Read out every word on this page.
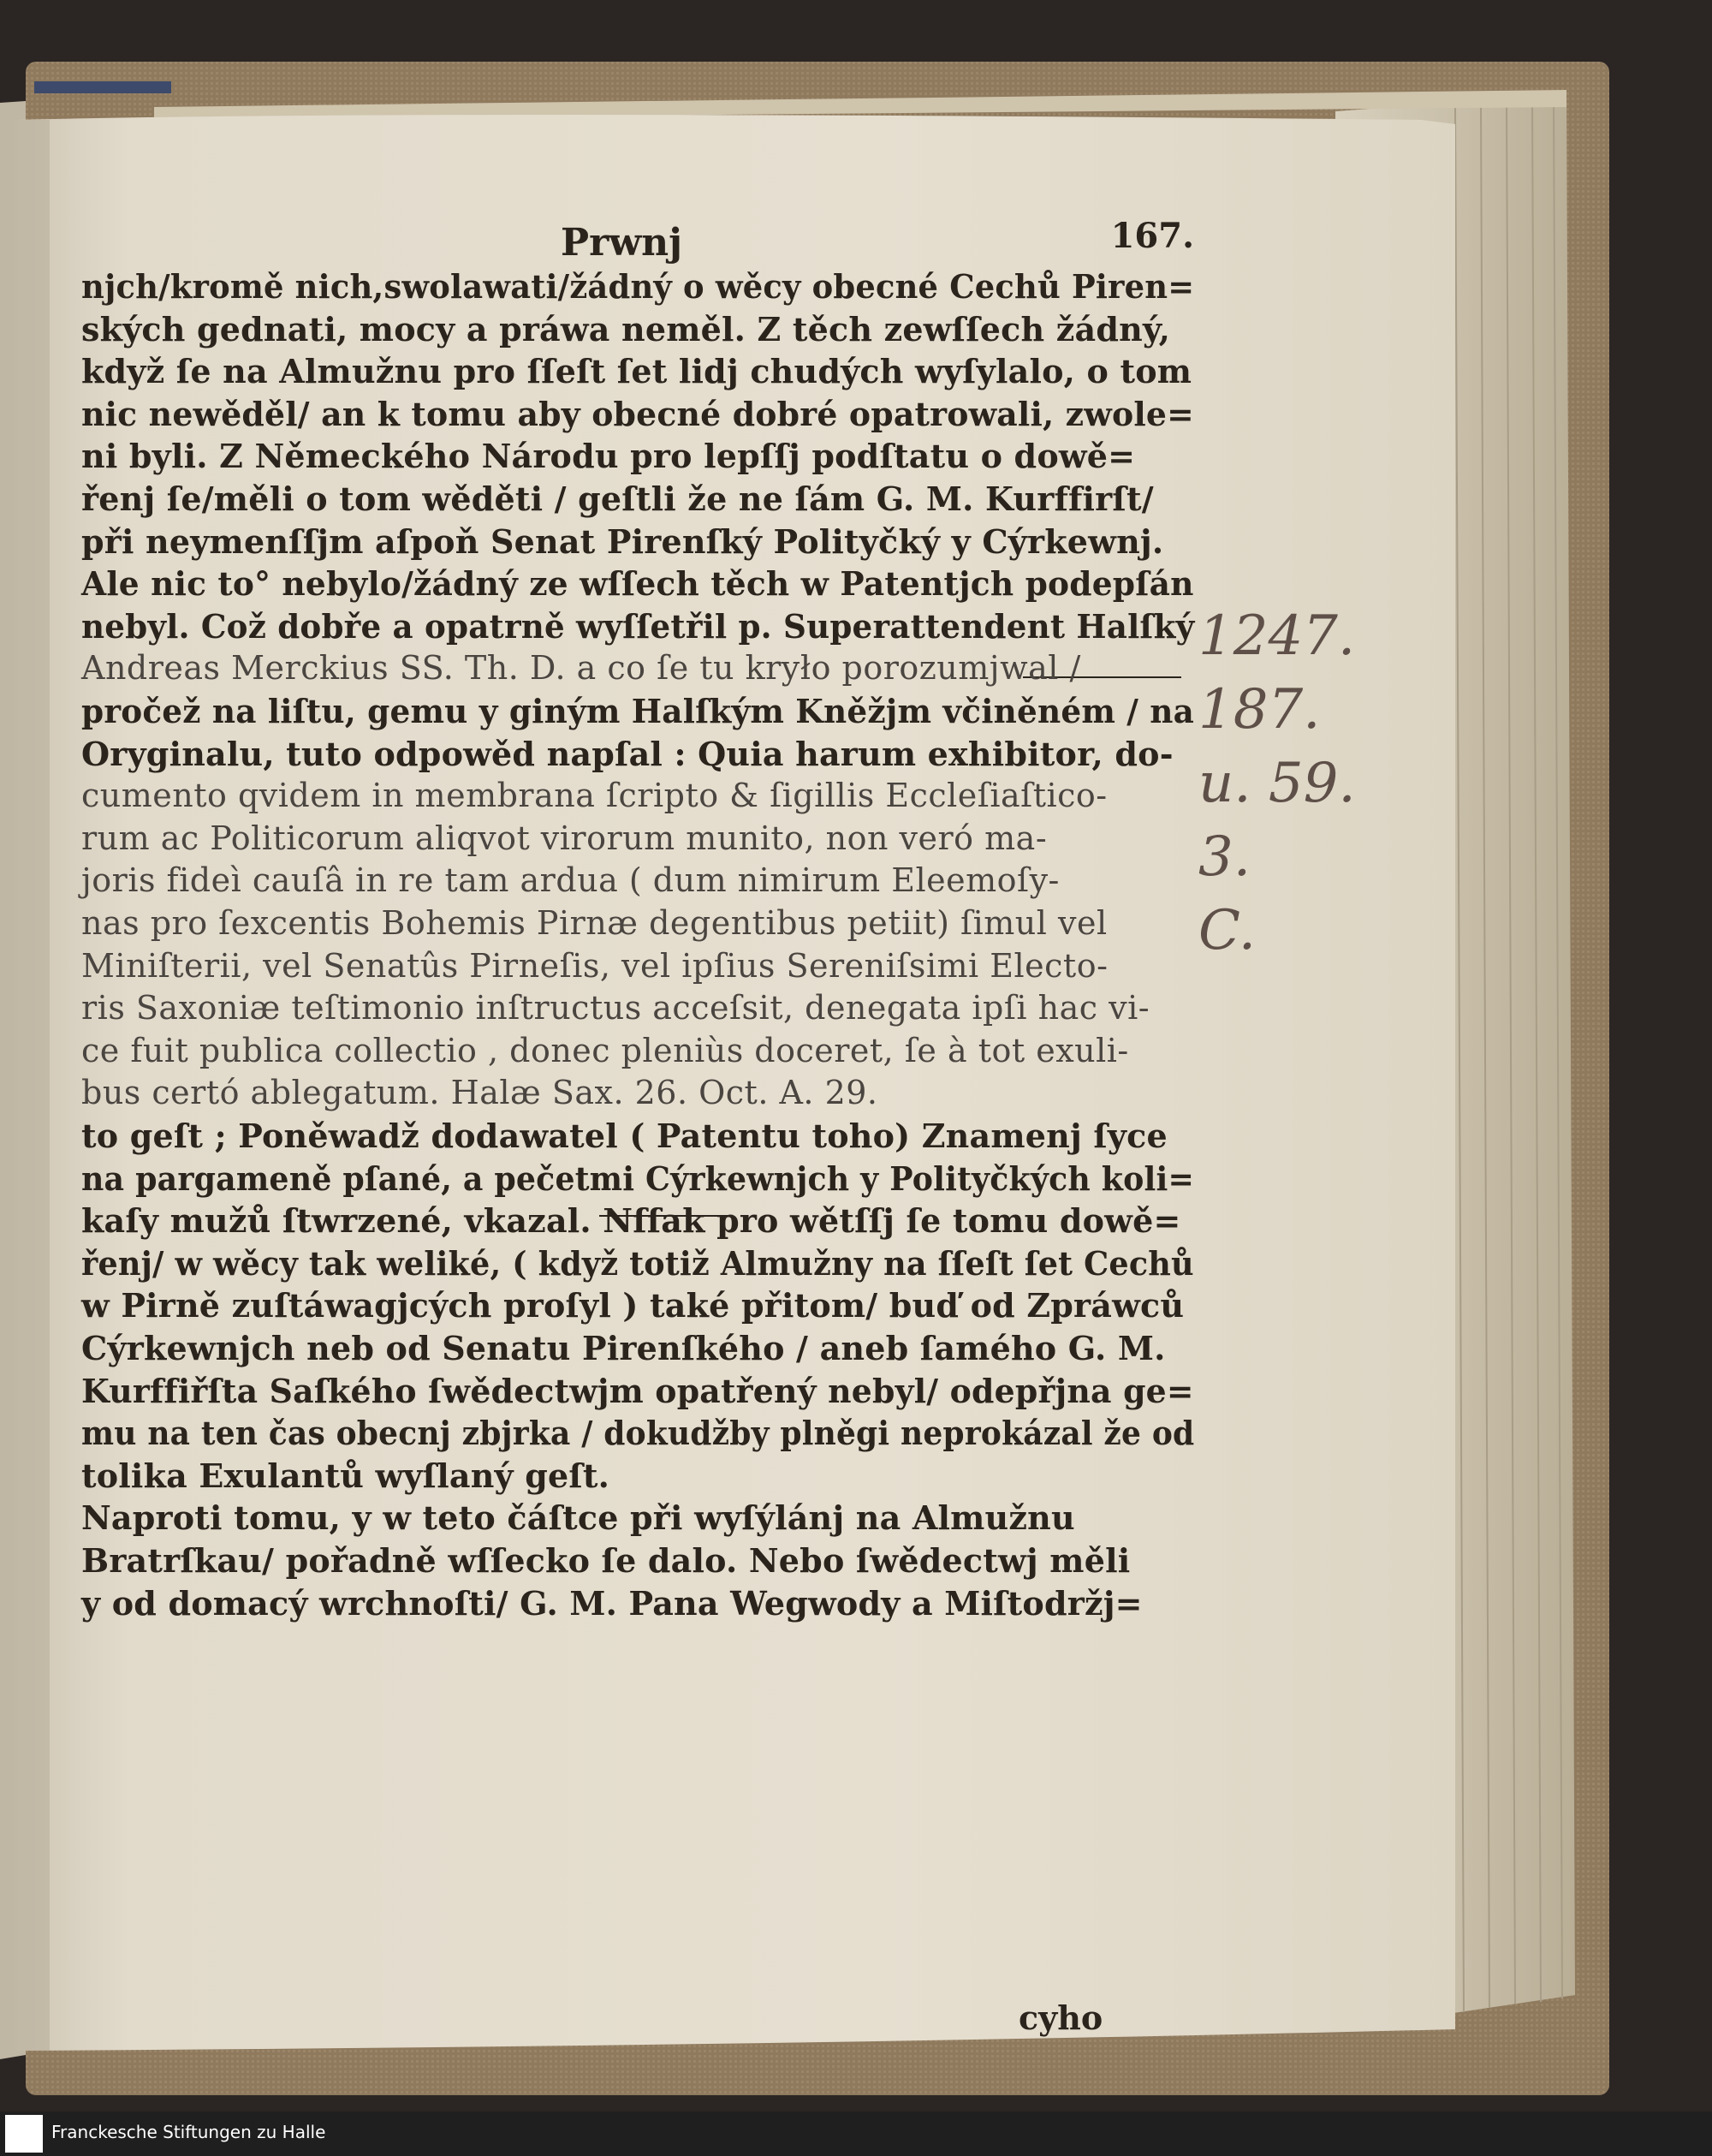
Prwnj	167.
njch/kromě nich,swolawati/žádný o wěcy obecné Cechů Piren=
ských gednati, mocy a práwa neměl. Z těch zewſſech žádný,
když ſe na Almužnu pro ſſeſt ſet lidj chudých wyſylalo, o tom
nic newěděl/ an k tomu aby obecné dobré opatrowali, zwole=
ni byli. Z Německého Národu pro lepſſj podſtatu o dowě=
řenj ſe/měli o tom wěděti / geſtli že ne ſám G. M. Kurffirſt/
při neymenſſjm aſpoň Senat Pirenſký Polityčký y Cýrkewnj.
Ale nic to° nebylo/žádný ze wſſech těch w Patentjch podepſán
nebyl. Což dobře a opatrně wyſſetřil p. Superattendent Halſký
Andreas Merckius SS. Th. D. a co ſe tu kryło porozumjwal /
pročež na liſtu, gemu y giným Halſkým Kněžjm včiněném / na
Oryginalu, tuto odpowěd napſal : Quia harum exhibitor, do-
cumento qvidem in membrana ſcripto & ſigillis Eccleſiaſtico-
rum ac Politicorum aliqvot virorum munito, non veró ma-
joris fideì cauſâ in re tam ardua ( dum nimirum Eleemoſy-
nas pro ſexcentis Bohemis Pirnæ degentibus petiit) ſimul vel
Miniſterii, vel Senatûs Pirneſis, vel ipſius Sereniſsimi Electo-
ris Saxoniæ teſtimonio inſtructus acceſsit, denegata ipſi hac vi-
ce fuit publica collectio , donec pleniùs doceret, ſe à tot exuli-
bus certó ablegatum. Halæ Sax. 26. Oct. A. 29.
to geſt ; Poněwadž dodawatel ( Patentu toho) Znamenj ſyce
na pargameně pſané, a pečetmi Cýrkewnjch y Polityčkých koli=
kaſy mužů ſtwrzené, vkazal. Nſſak pro wětſſj ſe tomu dowě=
řenj/ w wěcy tak weliké, ( když totiž Almužny na ſſeſt ſet Cechů
w Pirně zuſtáwagjcých proſyl ) také přitom/ buď od Zpráwců
Cýrkewnjch neb od Senatu Pirenſkého / aneb ſamého G. M.
Kurffiřſta Saſkého ſwědectwjm opatřený nebyl/ odepřjna ge=
mu na ten čas obecnj zbjrka / dokudžby plněgi neprokázal že od
tolika Exulantů wyſlaný geſt.
Naproti tomu, y w teto čáſtce při wyſýlánj na Almužnu
Bratrſkau/ pořadně wſſecko ſe dalo. Nebo ſwědectwj měli
y od domacý wrchnoſti/ G. M. Pana Wegwody a Miſtodržj=
cyho
1247.
187.
u. 59.
3.
C.
Franckesche Stiftungen zu Halle
